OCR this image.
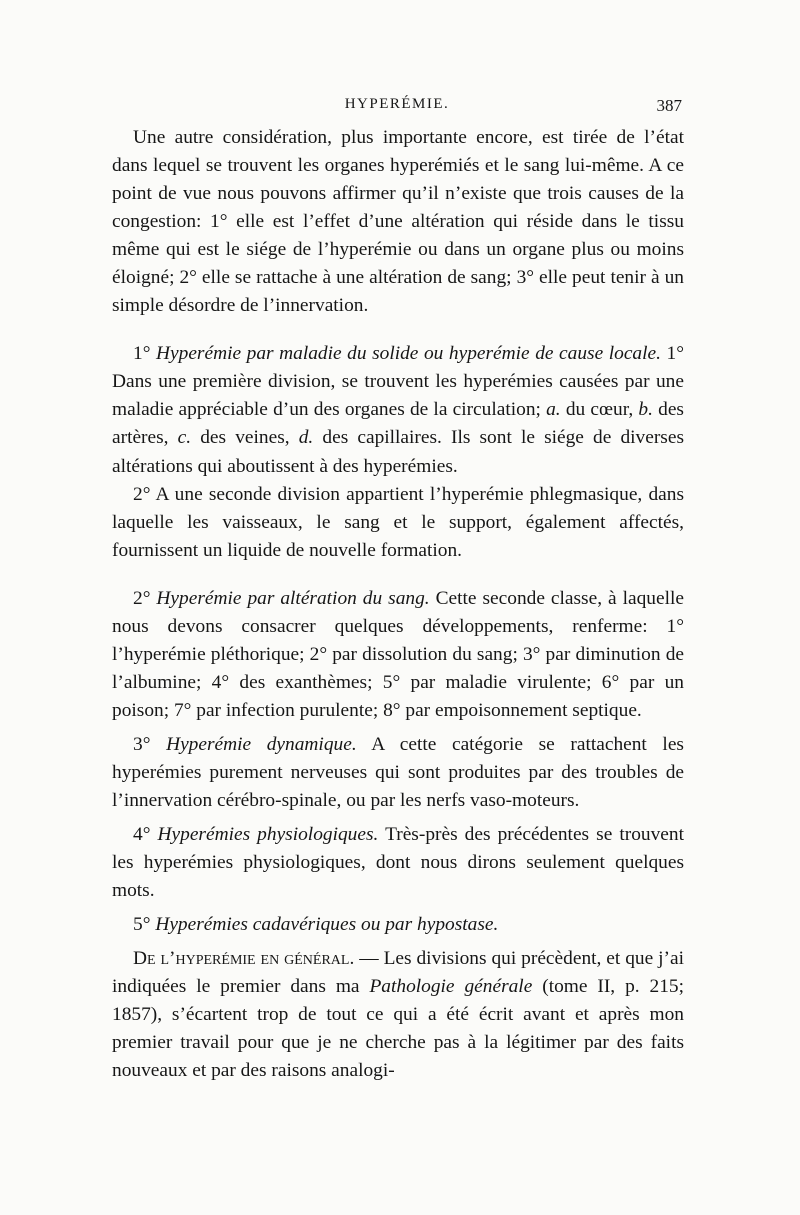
HYPERÉMIE.	387

Une autre considération, plus importante encore, est tirée de l’état dans lequel se trouvent les organes hyperémiés et le sang lui-même. A ce point de vue nous pouvons affirmer qu’il n’existe que trois causes de la congestion: 1° elle est l’effet d’une altération qui réside dans le tissu même qui est le siége de l’hyperémie ou dans un organe plus ou moins éloigné; 2° elle se rattache à une altération de sang; 3° elle peut tenir à un simple désordre de l’innervation.

1° Hyperémie par maladie du solide ou hyperémie de cause locale. 1° Dans une première division, se trouvent les hyperémies causées par une maladie appréciable d’un des organes de la circulation; a. du cœur, b. des artères, c. des veines, d. des capillaires. Ils sont le siége de diverses altérations qui aboutissent à des hyperémies.

2° A une seconde division appartient l’hyperémie phlegmasique, dans laquelle les vaisseaux, le sang et le support, également affectés, fournissent un liquide de nouvelle formation.

2° Hyperémie par altération du sang. Cette seconde classe, à laquelle nous devons consacrer quelques développements, renferme: 1° l’hyperémie pléthorique; 2° par dissolution du sang; 3° par diminution de l’albumine; 4° des exanthèmes; 5° par maladie virulente; 6° par un poison; 7° par infection purulente; 8° par empoisonnement septique.

3° Hyperémie dynamique. A cette catégorie se rattachent les hyperémies purement nerveuses qui sont produites par des troubles de l’innervation cérébro-spinale, ou par les nerfs vaso-moteurs.

4° Hyperémies physiologiques. Très-près des précédentes se trouvent les hyperémies physiologiques, dont nous dirons seulement quelques mots.

5° Hyperémies cadavériques ou par hypostase.

De l’hyperémie en général. — Les divisions qui précèdent, et que j’ai indiquées le premier dans ma Pathologie générale (tome II, p. 215; 1857), s’écartent trop de tout ce qui a été écrit avant et après mon premier travail pour que je ne cherche pas à la légitimer par des faits nouveaux et par des raisons analogi-
